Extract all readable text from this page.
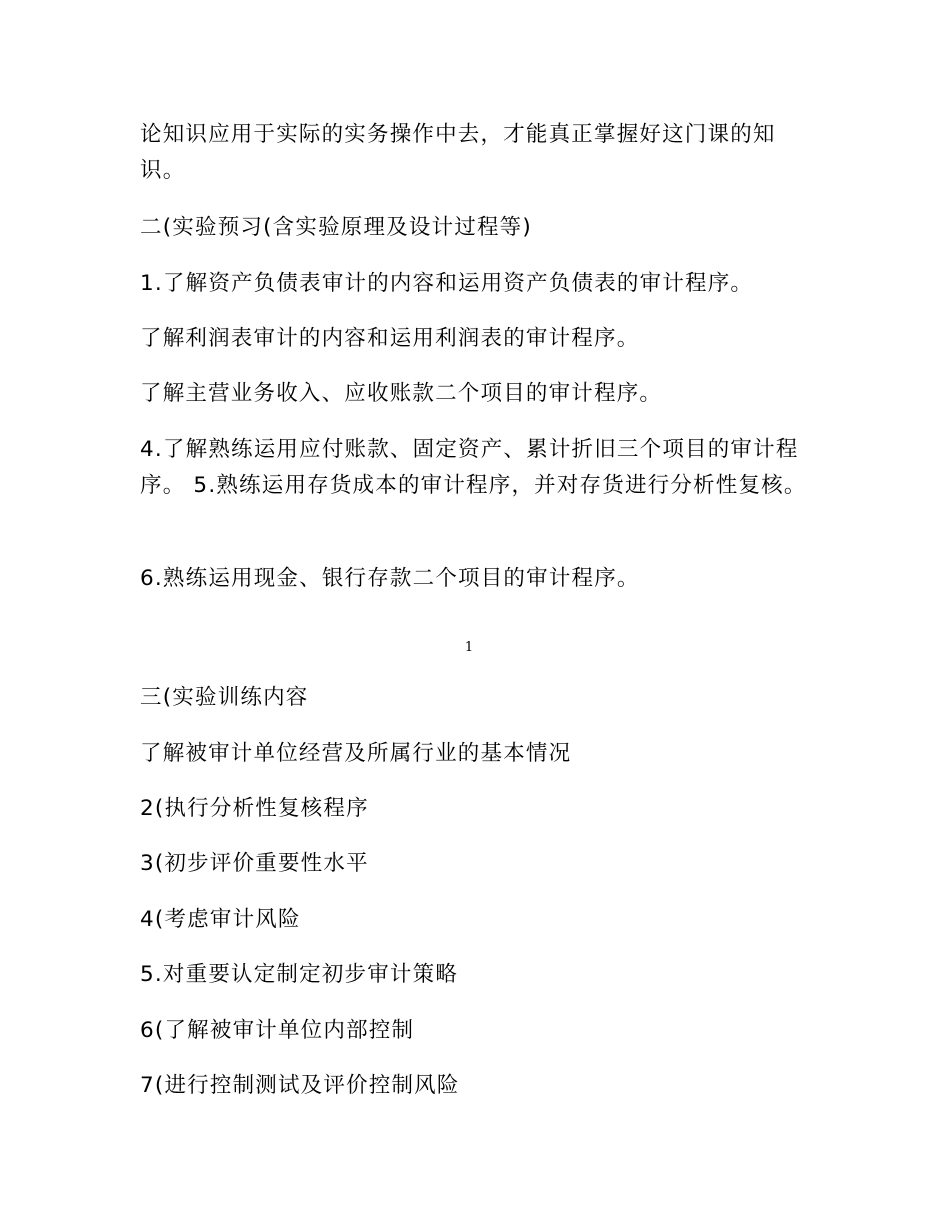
论知识应用于实际的实务操作中去，才能真正掌握好这门课的知识。

二(实验预习(含实验原理及设计过程等)

1.了解资产负债表审计的内容和运用资产负债表的审计程序。

了解利润表审计的内容和运用利润表的审计程序。

了解主营业务收入、应收账款二个项目的审计程序。

4.了解熟练运用应付账款、固定资产、累计折旧三个项目的审计程序。 5.熟练运用存货成本的审计程序，并对存货进行分析性复核。

6.熟练运用现金、银行存款二个项目的审计程序。

1

三(实验训练内容

了解被审计单位经营及所属行业的基本情况

2(执行分析性复核程序

3(初步评价重要性水平

4(考虑审计风险

5.对重要认定制定初步审计策略

6(了解被审计单位内部控制

7(进行控制测试及评价控制风险
